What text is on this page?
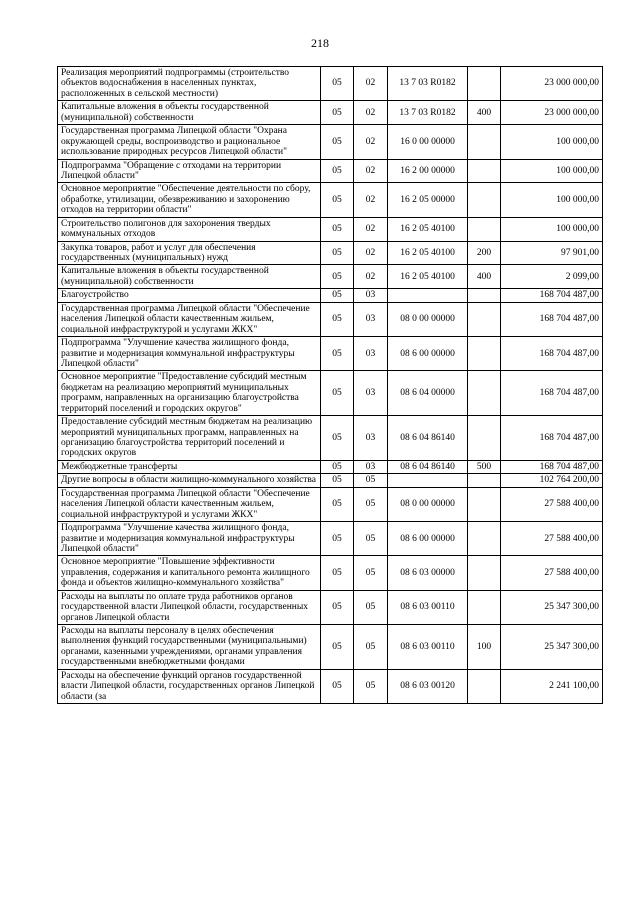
218
Реализация мероприятий подпрограммы (строительство объектов водоснабжения в населенных пунктах, расположенных в сельской местности)	05	02	13 7 03 R0182		23 000 000,00
Капитальные вложения в объекты государственной (муниципальной) собственности	05	02	13 7 03 R0182	400	23 000 000,00
Государственная программа Липецкой области "Охрана окружающей среды, воспроизводство и рациональное использование природных ресурсов Липецкой области"	05	02	16 0 00 00000		100 000,00
Подпрограмма "Обращение с отходами на территории Липецкой области"	05	02	16 2 00 00000		100 000,00
Основное мероприятие "Обеспечение деятельности по сбору, обработке, утилизации, обезвреживанию и захоронению отходов на территории области"	05	02	16 2 05 00000		100 000,00
Строительство полигонов для захоронения твердых коммунальных отходов	05	02	16 2 05 40100		100 000,00
Закупка товаров, работ и услуг для обеспечения государственных (муниципальных) нужд	05	02	16 2 05 40100	200	97 901,00
Капитальные вложения в объекты государственной (муниципальной) собственности	05	02	16 2 05 40100	400	2 099,00
Благоустройство	05	03			168 704 487,00
Государственная программа Липецкой области "Обеспечение населения Липецкой области качественным жильем, социальной инфраструктурой и услугами ЖКХ"	05	03	08 0 00 00000		168 704 487,00
Подпрограмма "Улучшение качества жилищного фонда, развитие и модернизация коммунальной инфраструктуры Липецкой области"	05	03	08 6 00 00000		168 704 487,00
Основное мероприятие "Предоставление субсидий местным бюджетам на реализацию мероприятий муниципальных программ, направленных на организацию благоустройства территорий поселений и городских округов"	05	03	08 6 04 00000		168 704 487,00
Предоставление субсидий местным бюджетам на реализацию мероприятий муниципальных программ, направленных на организацию благоустройства территорий поселений и городских округов	05	03	08 6 04 86140		168 704 487,00
Межбюджетные трансферты	05	03	08 6 04 86140	500	168 704 487,00
Другие вопросы в области жилищно-коммунального хозяйства	05	05			102 764 200,00
Государственная программа Липецкой области "Обеспечение населения Липецкой области качественным жильем, социальной инфраструктурой и услугами ЖКХ"	05	05	08 0 00 00000		27 588 400,00
Подпрограмма "Улучшение качества жилищного фонда, развитие и модернизация коммунальной инфраструктуры Липецкой области"	05	05	08 6 00 00000		27 588 400,00
Основное мероприятие "Повышение эффективности управления, содержания и капитального ремонта жилищного фонда и объектов жилищно-коммунального хозяйства"	05	05	08 6 03 00000		27 588 400,00
Расходы на выплаты по оплате труда работников органов государственной власти Липецкой области, государственных органов Липецкой области	05	05	08 6 03 00110		25 347 300,00
Расходы на выплаты персоналу в целях обеспечения выполнения функций государственными (муниципальными) органами, казенными учреждениями, органами управления государственными внебюджетными фондами	05	05	08 6 03 00110	100	25 347 300,00
Расходы на обеспечение функций органов государственной власти Липецкой области, государственных органов Липецкой области (за	05	05	08 6 03 00120		2 241 100,00
